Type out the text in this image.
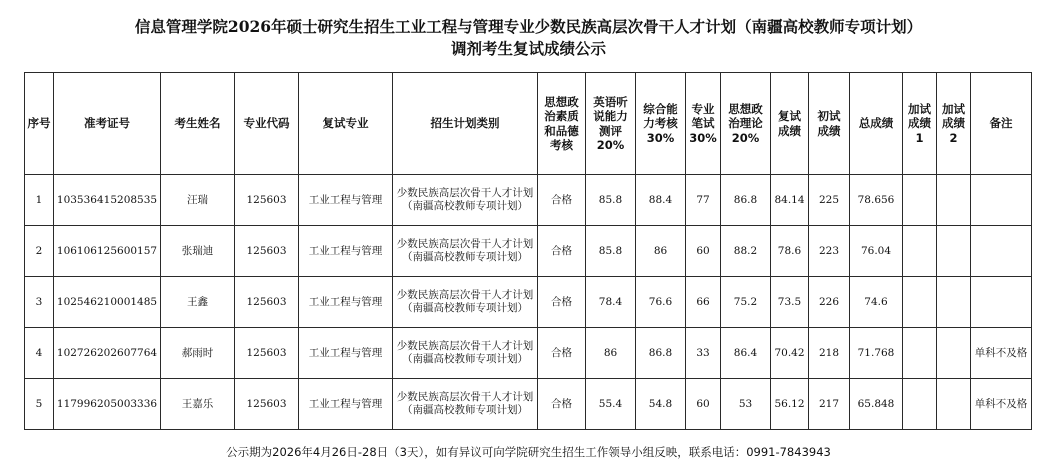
信息管理学院2026年硕士研究生招生工业工程与管理专业少数民族高层次骨干人才计划（南疆高校教师专项计划）
调剂考生复试成绩公示
序号	准考证号	考生姓名	专业代码	复试专业	招生计划类别	思想政
治素质
和品德
考核	英语听
说能力
测评
20%	综合能
力考核
30%	专业
笔试
30%	思想政
治理论
20%	复试
成绩	初试
成绩	总成绩	加试
成绩
1	加试
成绩
2	备注
1	103536415208535	汪瑞	125603	工业工程与管理	少数民族高层次骨干人才计划
（南疆高校教师专项计划）	合格	85.8	88.4	77	86.8	84.14	225	78.656			
2	106106125600157	张瑞迪	125603	工业工程与管理	少数民族高层次骨干人才计划
（南疆高校教师专项计划）	合格	85.8	86	60	88.2	78.6	223	76.04			
3	102546210001485	王鑫	125603	工业工程与管理	少数民族高层次骨干人才计划
（南疆高校教师专项计划）	合格	78.4	76.6	66	75.2	73.5	226	74.6			
4	102726202607764	郝雨时	125603	工业工程与管理	少数民族高层次骨干人才计划
（南疆高校教师专项计划）	合格	86	86.8	33	86.4	70.42	218	71.768			单科不及格
5	117996205003336	王嘉乐	125603	工业工程与管理	少数民族高层次骨干人才计划
（南疆高校教师专项计划）	合格	55.4	54.8	60	53	56.12	217	65.848			单科不及格
公示期为2026年4月26日-28日（3天），如有异议可向学院研究生招生工作领导小组反映，联系电话：0991-7843943
